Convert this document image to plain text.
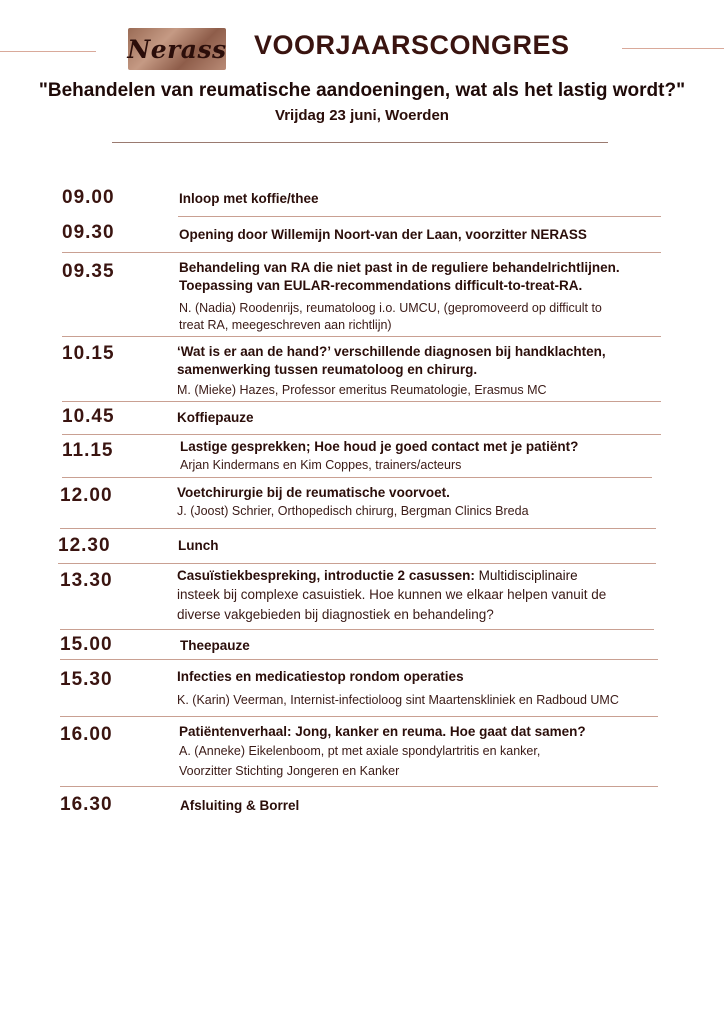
Nerass VOORJAARSCONGRES
"Behandelen van reumatische aandoeningen, wat als het lastig wordt?"
Vrijdag 23 juni, Woerden
09.00	Inloop met koffie/thee
09.30	Opening door Willemijn Noort-van der Laan, voorzitter NERASS
09.35	Behandeling van RA die niet past in de reguliere behandelrichtlijnen.
Toepassing van EULAR-recommendations difficult-to-treat-RA.
N. (Nadia) Roodenrijs, reumatoloog i.o. UMCU, (gepromoveerd op difficult to
treat RA, meegeschreven aan richtlijn)
10.15	‘Wat is er aan de hand?’ verschillende diagnosen bij handklachten,
samenwerking tussen reumatoloog en chirurg.
M. (Mieke) Hazes, Professor emeritus Reumatologie, Erasmus MC
10.45	Koffiepauze
11.15	Lastige gesprekken; Hoe houd je goed contact met je patiënt?
Arjan Kindermans en Kim Coppes, trainers/acteurs
12.00	Voetchirurgie bij de reumatische voorvoet.
J. (Joost) Schrier, Orthopedisch chirurg, Bergman Clinics Breda
12.30	Lunch
13.30	Casuïstiekbespreking, introductie 2 casussen: Multidisciplinaire
insteek bij complexe casuistiek. Hoe kunnen we elkaar helpen vanuit de
diverse vakgebieden bij diagnostiek en behandeling?
15.00	Theepauze
15.30	Infecties en medicatiestop rondom operaties
K. (Karin) Veerman, Internist-infectioloog sint Maartenskliniek en Radboud UMC
16.00	Patiëntenverhaal: Jong, kanker en reuma. Hoe gaat dat samen?
A. (Anneke) Eikelenboom, pt met axiale spondylartritis en kanker,
Voorzitter Stichting Jongeren en Kanker
16.30	Afsluiting & Borrel
